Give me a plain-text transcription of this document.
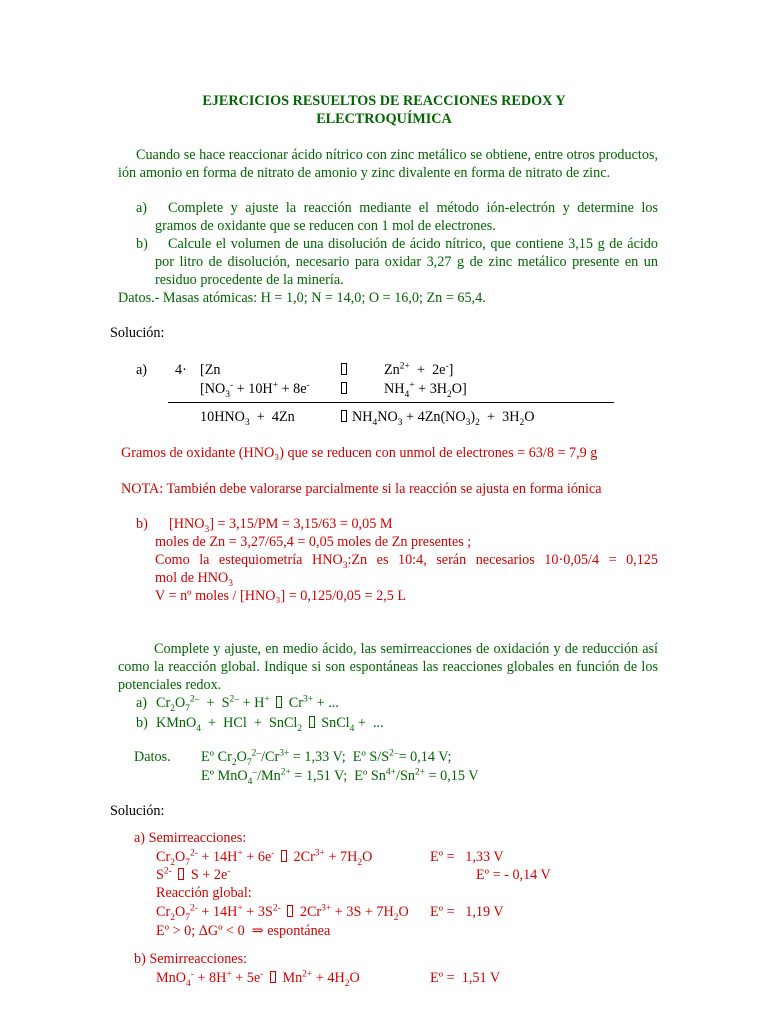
EJERCICIOS RESUELTOS DE REACCIONES REDOX Y
ELECTROQUÍMICA
Cuando se hace reaccionar ácido nítrico con zinc metálico se obtiene, entre otros productos, ión amonio en forma de nitrato de amonio y zinc divalente en forma de nitrato de zinc.
a)	Complete y ajuste la reacción mediante el método ión-electrón y determine los gramos de oxidante que se reducen con 1 mol de electrones.
b)	Calcule el volumen de una disolución de ácido nítrico, que contiene 3,15 g de ácido por litro de disolución, necesario para oxidar 3,27 g de zinc metálico presente en un residuo procedente de la minería.
Datos.- Masas atómicas: H = 1,0; N = 14,0; O = 16,0; Zn = 65,4.
Solución:
a) 4· [Zn	$Zn^{2+} + 2e^-$]
[$NO_3^- + 10H^+ + 8e^-$	$NH_4^+ + 3H_2O$]
$10HNO_3 + 4Zn$	$NH_4NO_3 + 4Zn(NO_3)_2 + 3H_2O$
Gramos de oxidante (HNO₃) que se reducen con unmol de electrones = 63/8 = 7,9 g
NOTA: También debe valorarse parcialmente si la reacción se ajusta en forma iónica
b) $[HNO_3] = 3,15/PM = 3,15/63 = 0,05$ M
moles de Zn = 3,27/65,4 = 0,05 moles de Zn presentes ;
Como la estequiometría $HNO_3:Zn$ es 10:4, serán necesarios 10·0,05/4 = 0,125
mol de $HNO_3$
V = nº moles / [HNO₃] = 0,125/0,05 = 2,5 L
Complete y ajuste, en medio ácido, las semirreacciones de oxidación y de reducción así como la reacción global. Indique si son espontáneas las reacciones globales en función de los potenciales redox.
a) $Cr_2O_7^{2-} + S^{2-} + H^+$  $Cr^{3+}$ + ...
b) KMnO$_4$  +  HCl  +  SnCl$_2$  SnCl$_4$ +  ...
Datos. Eº $Cr_2O_7^{2-}/Cr^{3+} = 1,33$ V;  Eº $S/S^{2-}= 0,14$ V;
Eº $MnO_4^-/Mn^{2+} = 1,51$ V;  Eº $Sn^{4+}/Sn^{2+} = 0,15$ V
Solución:
a) Semirreacciones:
$Cr_2O_7^{2-} + 14H^+ + 6e^-$  $2Cr^{3+} + 7H_2O$	Eº =   1,33 V
$S^{2-}$  S + 2e-	Eº = - 0,14 V
Reacción global:
$Cr_2O_7^{2-} + 14H^+ + 3S^{2-}$  $2Cr^{3+} + 3S + 7H_2O$ Eº =   1,19 V
Eº > 0; ΔGº < 0  ⇒ espontánea
b) Semirreacciones:
MnO$_4$- + 8H+ + 5e-  $Mn^{2+} + 4H_2O$	Eº =  1,51 V
